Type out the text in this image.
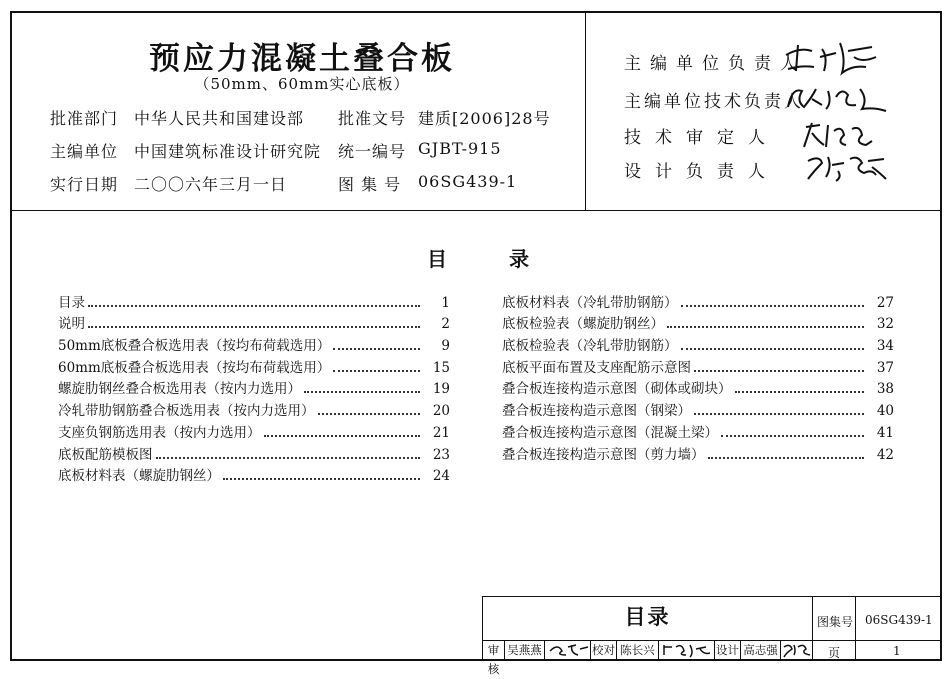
预应力混凝土叠合板
（50mm、60mm实心底板）
批准部门 中华人民共和国建设部 批准文号 建质[2006]28号
主编单位 中国建筑标准设计研究院 统一编号 GJBT-915
实行日期 二〇〇六年三月一日	图 集 号 06SG439-1
主编单位负责人
主编单位技术负责人
技术审定人
设计负责人
目	录
目录	1
说明	2
50mm底板叠合板选用表（按均布荷载选用）	9
60mm底板叠合板选用表（按均布荷载选用）	15
螺旋肋钢丝叠合板选用表（按内力选用）	19
冷轧带肋钢筋叠合板选用表（按内力选用）	20
支座负钢筋选用表（按内力选用）	21
底板配筋模板图	23
底板材料表（螺旋肋钢丝）	24
底板材料表（冷轧带肋钢筋）	27
底板检验表（螺旋肋钢丝）	32
底板检验表（冷轧带肋钢筋）	34
底板平面布置及支座配筋示意图	37
叠合板连接构造示意图（砌体或砌块）	38
叠合板连接构造示意图（钢梁）	40
叠合板连接构造示意图（混凝土梁）	41
叠合板连接构造示意图（剪力墙）	42
目录	图集号 06SG439-1
页	1
审核
吴燕燕	校对 陈长兴	设计 高志强
